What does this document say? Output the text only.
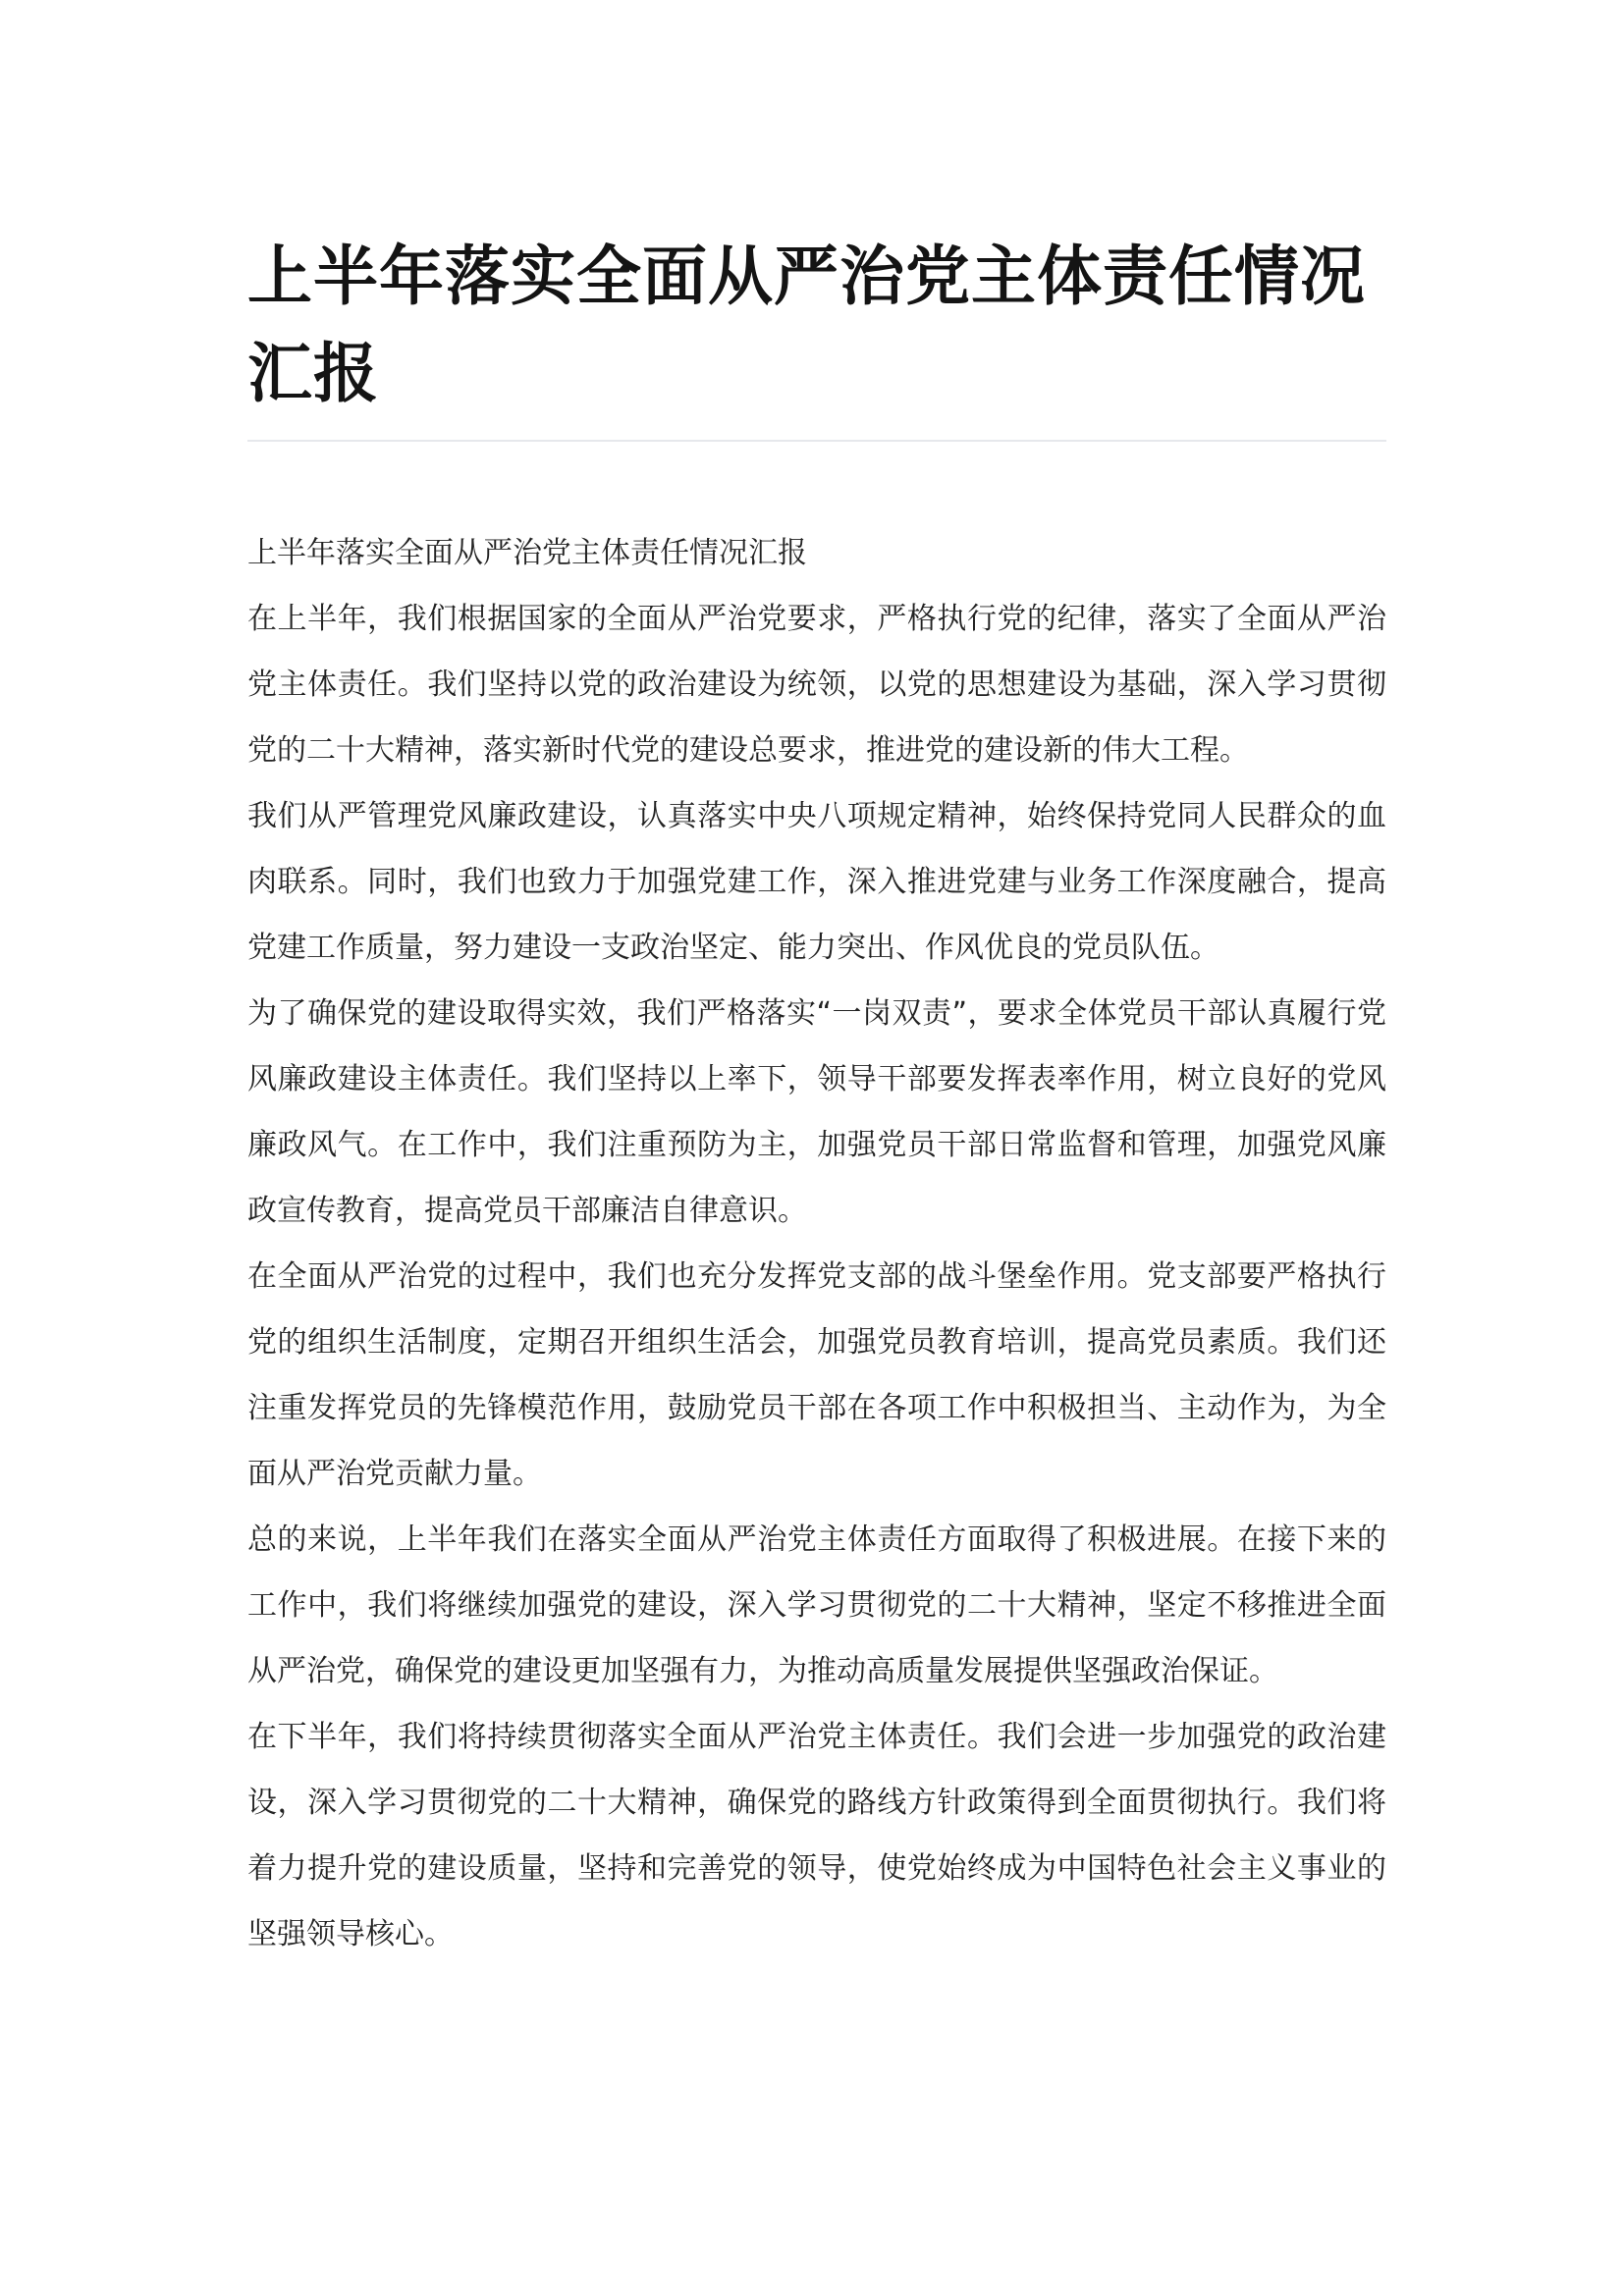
上半年落实全面从严治党主体责任情况汇报

上半年落实全面从严治党主体责任情况汇报

在上半年，我们根据国家的全面从严治党要求，严格执行党的纪律，落实了全面从严治党主体责任。我们坚持以党的政治建设为统领，以党的思想建设为基础，深入学习贯彻党的二十大精神，落实新时代党的建设总要求，推进党的建设新的伟大工程。

我们从严管理党风廉政建设，认真落实中央八项规定精神，始终保持党同人民群众的血肉联系。同时，我们也致力于加强党建工作，深入推进党建与业务工作深度融合，提高党建工作质量，努力建设一支政治坚定、能力突出、作风优良的党员队伍。

为了确保党的建设取得实效，我们严格落实“一岗双责”，要求全体党员干部认真履行党风廉政建设主体责任。我们坚持以上率下，领导干部要发挥表率作用，树立良好的党风廉政风气。在工作中，我们注重预防为主，加强党员干部日常监督和管理，加强党风廉政宣传教育，提高党员干部廉洁自律意识。

在全面从严治党的过程中，我们也充分发挥党支部的战斗堡垒作用。党支部要严格执行党的组织生活制度，定期召开组织生活会，加强党员教育培训，提高党员素质。我们还注重发挥党员的先锋模范作用，鼓励党员干部在各项工作中积极担当、主动作为，为全面从严治党贡献力量。

总的来说，上半年我们在落实全面从严治党主体责任方面取得了积极进展。在接下来的工作中，我们将继续加强党的建设，深入学习贯彻党的二十大精神，坚定不移推进全面从严治党，确保党的建设更加坚强有力，为推动高质量发展提供坚强政治保证。

在下半年，我们将持续贯彻落实全面从严治党主体责任。我们会进一步加强党的政治建设，深入学习贯彻党的二十大精神，确保党的路线方针政策得到全面贯彻执行。我们将着力提升党的建设质量，坚持和完善党的领导，使党始终成为中国特色社会主义事业的坚强领导核心。
